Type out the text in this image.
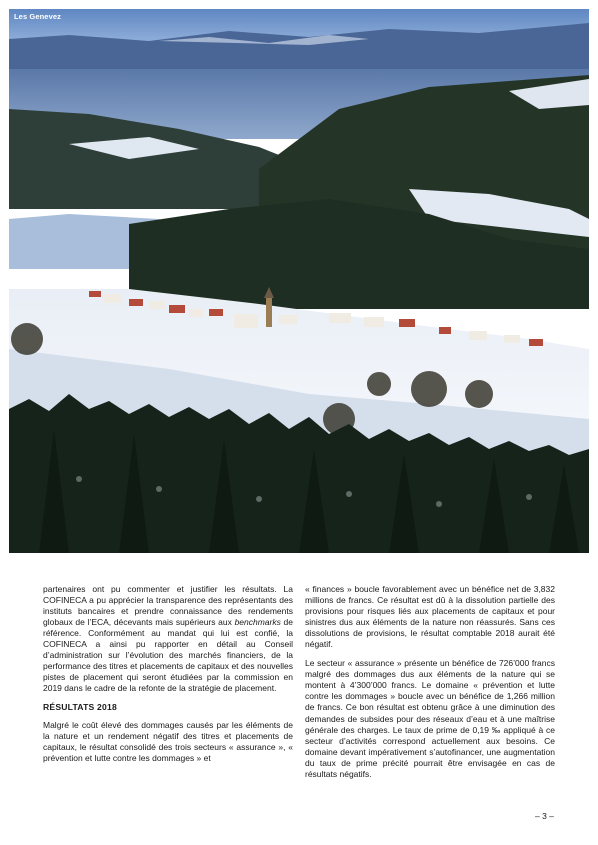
Les Genevez

partenaires ont pu commenter et justifier les résultats. La COFINECA a pu apprécier la transparence des représentants des instituts bancaires et prendre connaissance des rendements globaux de l’ECA, décevants mais supérieurs aux benchmarks de référence. Conformément au mandat qui lui est confié, la COFINECA a ainsi pu rapporter en détail au Conseil d’administration sur l’évolution des marchés financiers, de la performance des titres et placements de capitaux et des nouvelles pistes de placement qui seront étudiées par la commission en 2019 dans le cadre de la refonte de la stratégie de placement.

RÉSULTATS 2018

Malgré le coût élevé des dommages causés par les éléments de la nature et un rendement négatif des titres et placements de capitaux, le résultat consolidé des trois secteurs « assurance », « prévention et lutte contre les dommages » et

« finances » boucle favorablement avec un bénéfice net de 3,832 millions de francs. Ce résultat est dû à la dissolution partielle des provisions pour risques liés aux placements de capitaux et pour sinistres dus aux éléments de la nature non réassurés. Sans ces dissolutions de provisions, le résultat comptable 2018 aurait été négatif.

Le secteur « assurance » présente un bénéfice de 726’000 francs malgré des dommages dus aux éléments de la nature qui se montent à 4’300’000 francs. Le domaine « prévention et lutte contre les dommages » boucle avec un bénéfice de 1,266 million de francs. Ce bon résultat est obtenu grâce à une diminution des demandes de subsides pour des réseaux d’eau et à une maîtrise générale des charges. Le taux de prime de 0,19 ‰ appliqué à ce secteur d’activités correspond actuellement aux besoins. Ce domaine devant impérativement s’autofinancer, une augmentation du taux de prime précité pourrait être envisagée en cas de résultats négatifs.

– 3 –
